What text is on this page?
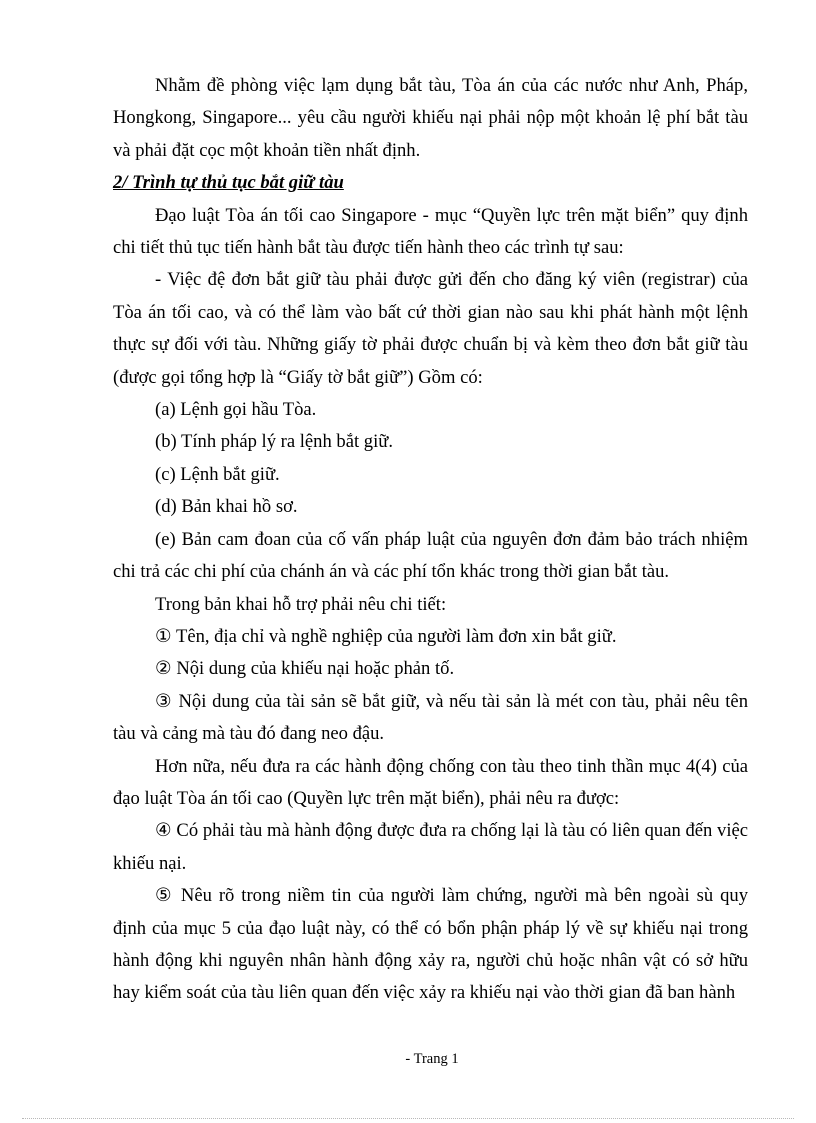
Nhằm đề phòng việc lạm dụng bắt tàu, Tòa án của các nước như Anh, Pháp, Hongkong, Singapore... yêu cầu người khiếu nại phải nộp một khoản lệ phí bắt tàu và phải đặt cọc một khoản tiền nhất định.

2/ Trình tự thủ tục bắt giữ tàu

Đạo luật Tòa án tối cao Singapore - mục “Quyền lực trên mặt biển” quy định chi tiết thủ tục tiến hành bắt tàu được tiến hành theo các trình tự sau:

- Việc đệ đơn bắt giữ tàu phải được gửi đến cho đăng ký viên (registrar) của Tòa án tối cao, và có thể làm vào bất cứ thời gian nào sau khi phát hành một lệnh thực sự đối với tàu. Những giấy tờ phải được chuẩn bị và kèm theo đơn bắt giữ tàu (được gọi tổng hợp là “Giấy tờ bắt giữ”) Gồm có:

(a) Lệnh gọi hầu Tòa.

(b) Tính pháp lý ra lệnh bắt giữ.

(c) Lệnh bắt giữ.

(d) Bản khai hồ sơ.

(e) Bản cam đoan của cố vấn pháp luật của nguyên đơn đảm bảo trách nhiệm chi trả các chi phí của chánh án và các phí tổn khác trong thời gian bắt tàu.

Trong bản khai hỗ trợ phải nêu chi tiết:

① Tên, địa chỉ và nghề nghiệp của người làm đơn xin bắt giữ.

② Nội dung của khiếu nại hoặc phản tố.

③ Nội dung của tài sản sẽ bắt giữ, và nếu tài sản là mét con tàu, phải nêu tên tàu và cảng mà tàu đó đang neo đậu.

Hơn nữa, nếu đưa ra các hành động chống con tàu theo tinh thần mục 4(4) của đạo luật Tòa án tối cao (Quyền lực trên mặt biển), phải nêu ra được:

④ Có phải tàu mà hành động được đưa ra chống lại là tàu có liên quan đến việc khiếu nại.

⑤ Nêu rõ trong niềm tin của người làm chứng, người mà bên ngoài sù quy định của mục 5 của đạo luật này, có thể có bổn phận pháp lý về sự khiếu nại trong hành động khi nguyên nhân hành động xảy ra, người chủ hoặc nhân vật có sở hữu hay kiểm soát của tàu liên quan đến việc xảy ra khiếu nại vào thời gian đã ban hành

- Trang 1
